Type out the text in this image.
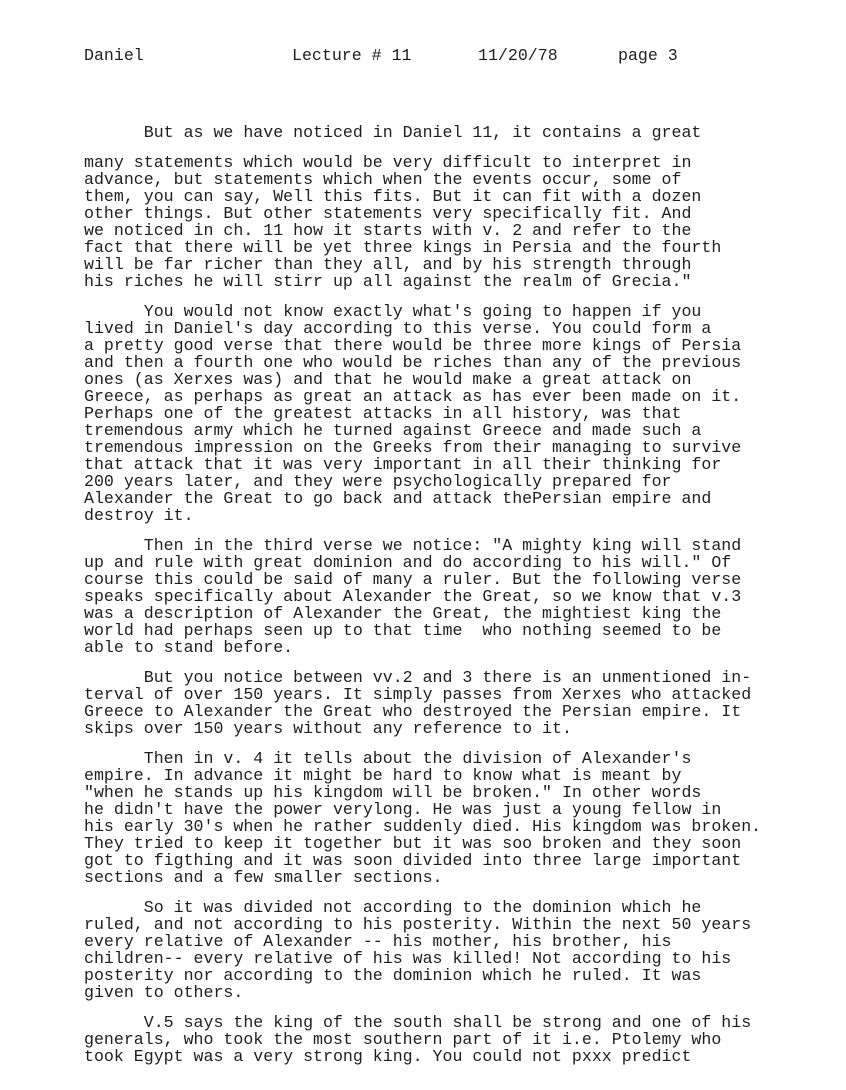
Daniel	Lecture # 11	11/20/78	page 3
But as we have noticed in Daniel 11, it contains a great
many statements which would be very difficult to interpret in
advance, but statements which when the events occur, some of
them, you can say, Well this fits. But it can fit with a dozen
other things. But other statements very specifically fit. And
we noticed in ch. 11 how it starts with v. 2 and refer to the
fact that there will be yet three kings in Persia and the fourth
will be far richer than they all, and by his strength through
his riches he will stirr up all against the realm of Grecia."
You would not know exactly what's going to happen if you
lived in Daniel's day according to this verse. You could form a
a pretty good verse that there would be three more kings of Persia
and then a fourth one who would be riches than any of the previous
ones (as Xerxes was) and that he would make a great attack on
Greece, as perhaps as great an attack as has ever been made on it.
Perhaps one of the greatest attacks in all history, was that
tremendous army which he turned against Greece and made such a
tremendous impression on the Greeks from their managing to survive
that attack that it was very important in all their thinking for
200 years later, and they were psychologically prepared for
Alexander the Great to go back and attack thePersian empire and
destroy it.
Then in the third verse we notice: "A mighty king will stand
up and rule with great dominion and do according to his will." Of
course this could be said of many a ruler. But the following verse
speaks specifically about Alexander the Great, so we know that v.3
was a description of Alexander the Great, the mightiest king the
world had perhaps seen up to that time  who nothing seemed to be
able to stand before.
But you notice between vv.2 and 3 there is an unmentioned in-
terval of over 150 years. It simply passes from Xerxes who attacked
Greece to Alexander the Great who destroyed the Persian empire. It
skips over 150 years without any reference to it.
Then in v. 4 it tells about the division of Alexander's
empire. In advance it might be hard to know what is meant by
"when he stands up his kingdom will be broken." In other words
he didn't have the power verylong. He was just a young fellow in
his early 30's when he rather suddenly died. His kingdom was broken.
They tried to keep it together but it was soo broken and they soon
got to figthing and it was soon divided into three large important
sections and a few smaller sections.
So it was divided not according to the dominion which he
ruled, and not according to his posterity. Within the next 50 years
every relative of Alexander -- his mother, his brother, his
children-- every relative of his was killed! Not according to his
posterity nor according to the dominion which he ruled. It was
given to others.
V.5 says the king of the south shall be strong and one of his
generals, who took the most southern part of it i.e. Ptolemy who
took Egypt was a very strong king. You could not pxxx predict
